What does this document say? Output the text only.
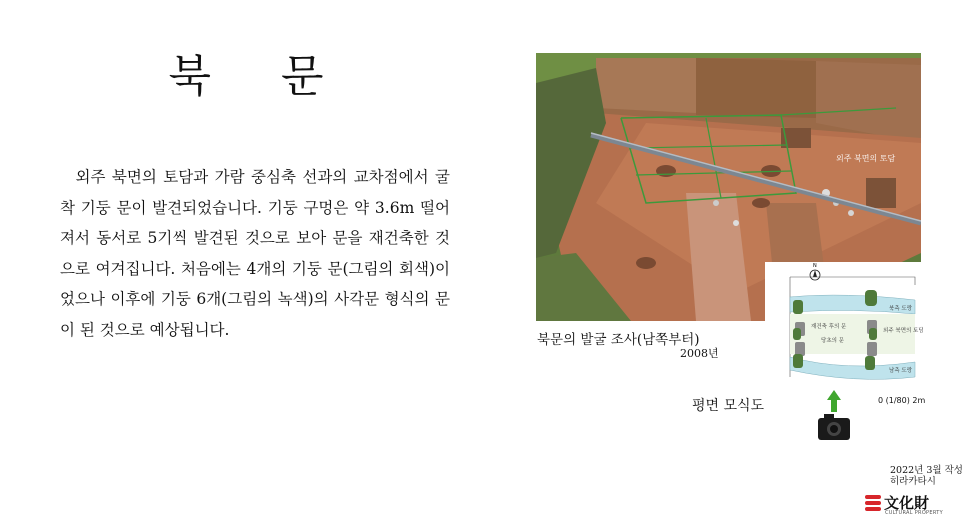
북 문

외주 북면의 토담과 가람 중심축 선과의 교차점에서 굴착 기둥 문이 발견되었습니다. 기둥 구멍은 약 3.6m 떨어져서 동서로 5기씩 발견된 것으로 보아 문을 재건축한 것으로 여겨집니다. 처음에는 4개의 기둥 문(그림의 회색)이었으나 이후에 기둥 6개(그림의 녹색)의 사각문 형식의 문이 된 것으로 예상됩니다.

외주 북면의 토담
북문의 발굴 조사(남쪽부터)
2008년
N
북측 도랑
재건축 후의 문
외주 북면의 토담
당초의 문
남측 도랑
평면 모식도	0 (1/80) 2m
2022년 3월 작성
히라카타시
文化財
CULTURAL PROPERTY
